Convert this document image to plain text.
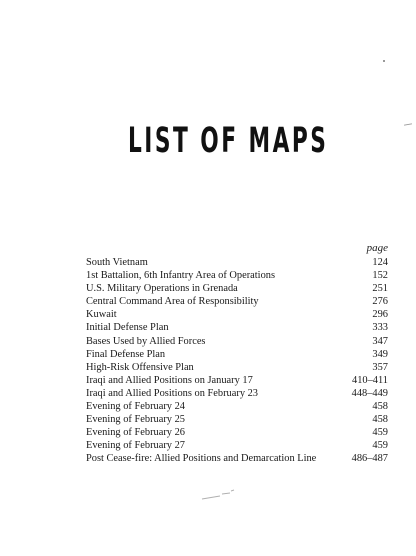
LIST OF MAPS
page
South Vietnam	124
1st Battalion, 6th Infantry Area of Operations	152
U.S. Military Operations in Grenada	251
Central Command Area of Responsibility	276
Kuwait	296
Initial Defense Plan	333
Bases Used by Allied Forces	347
Final Defense Plan	349
High-Risk Offensive Plan	357
Iraqi and Allied Positions on January 17	410–411
Iraqi and Allied Positions on February 23	448–449
Evening of February 24	458
Evening of February 25	458
Evening of February 26	459
Evening of February 27	459
Post Cease-fire: Allied Positions and Demarcation Line	486–487
